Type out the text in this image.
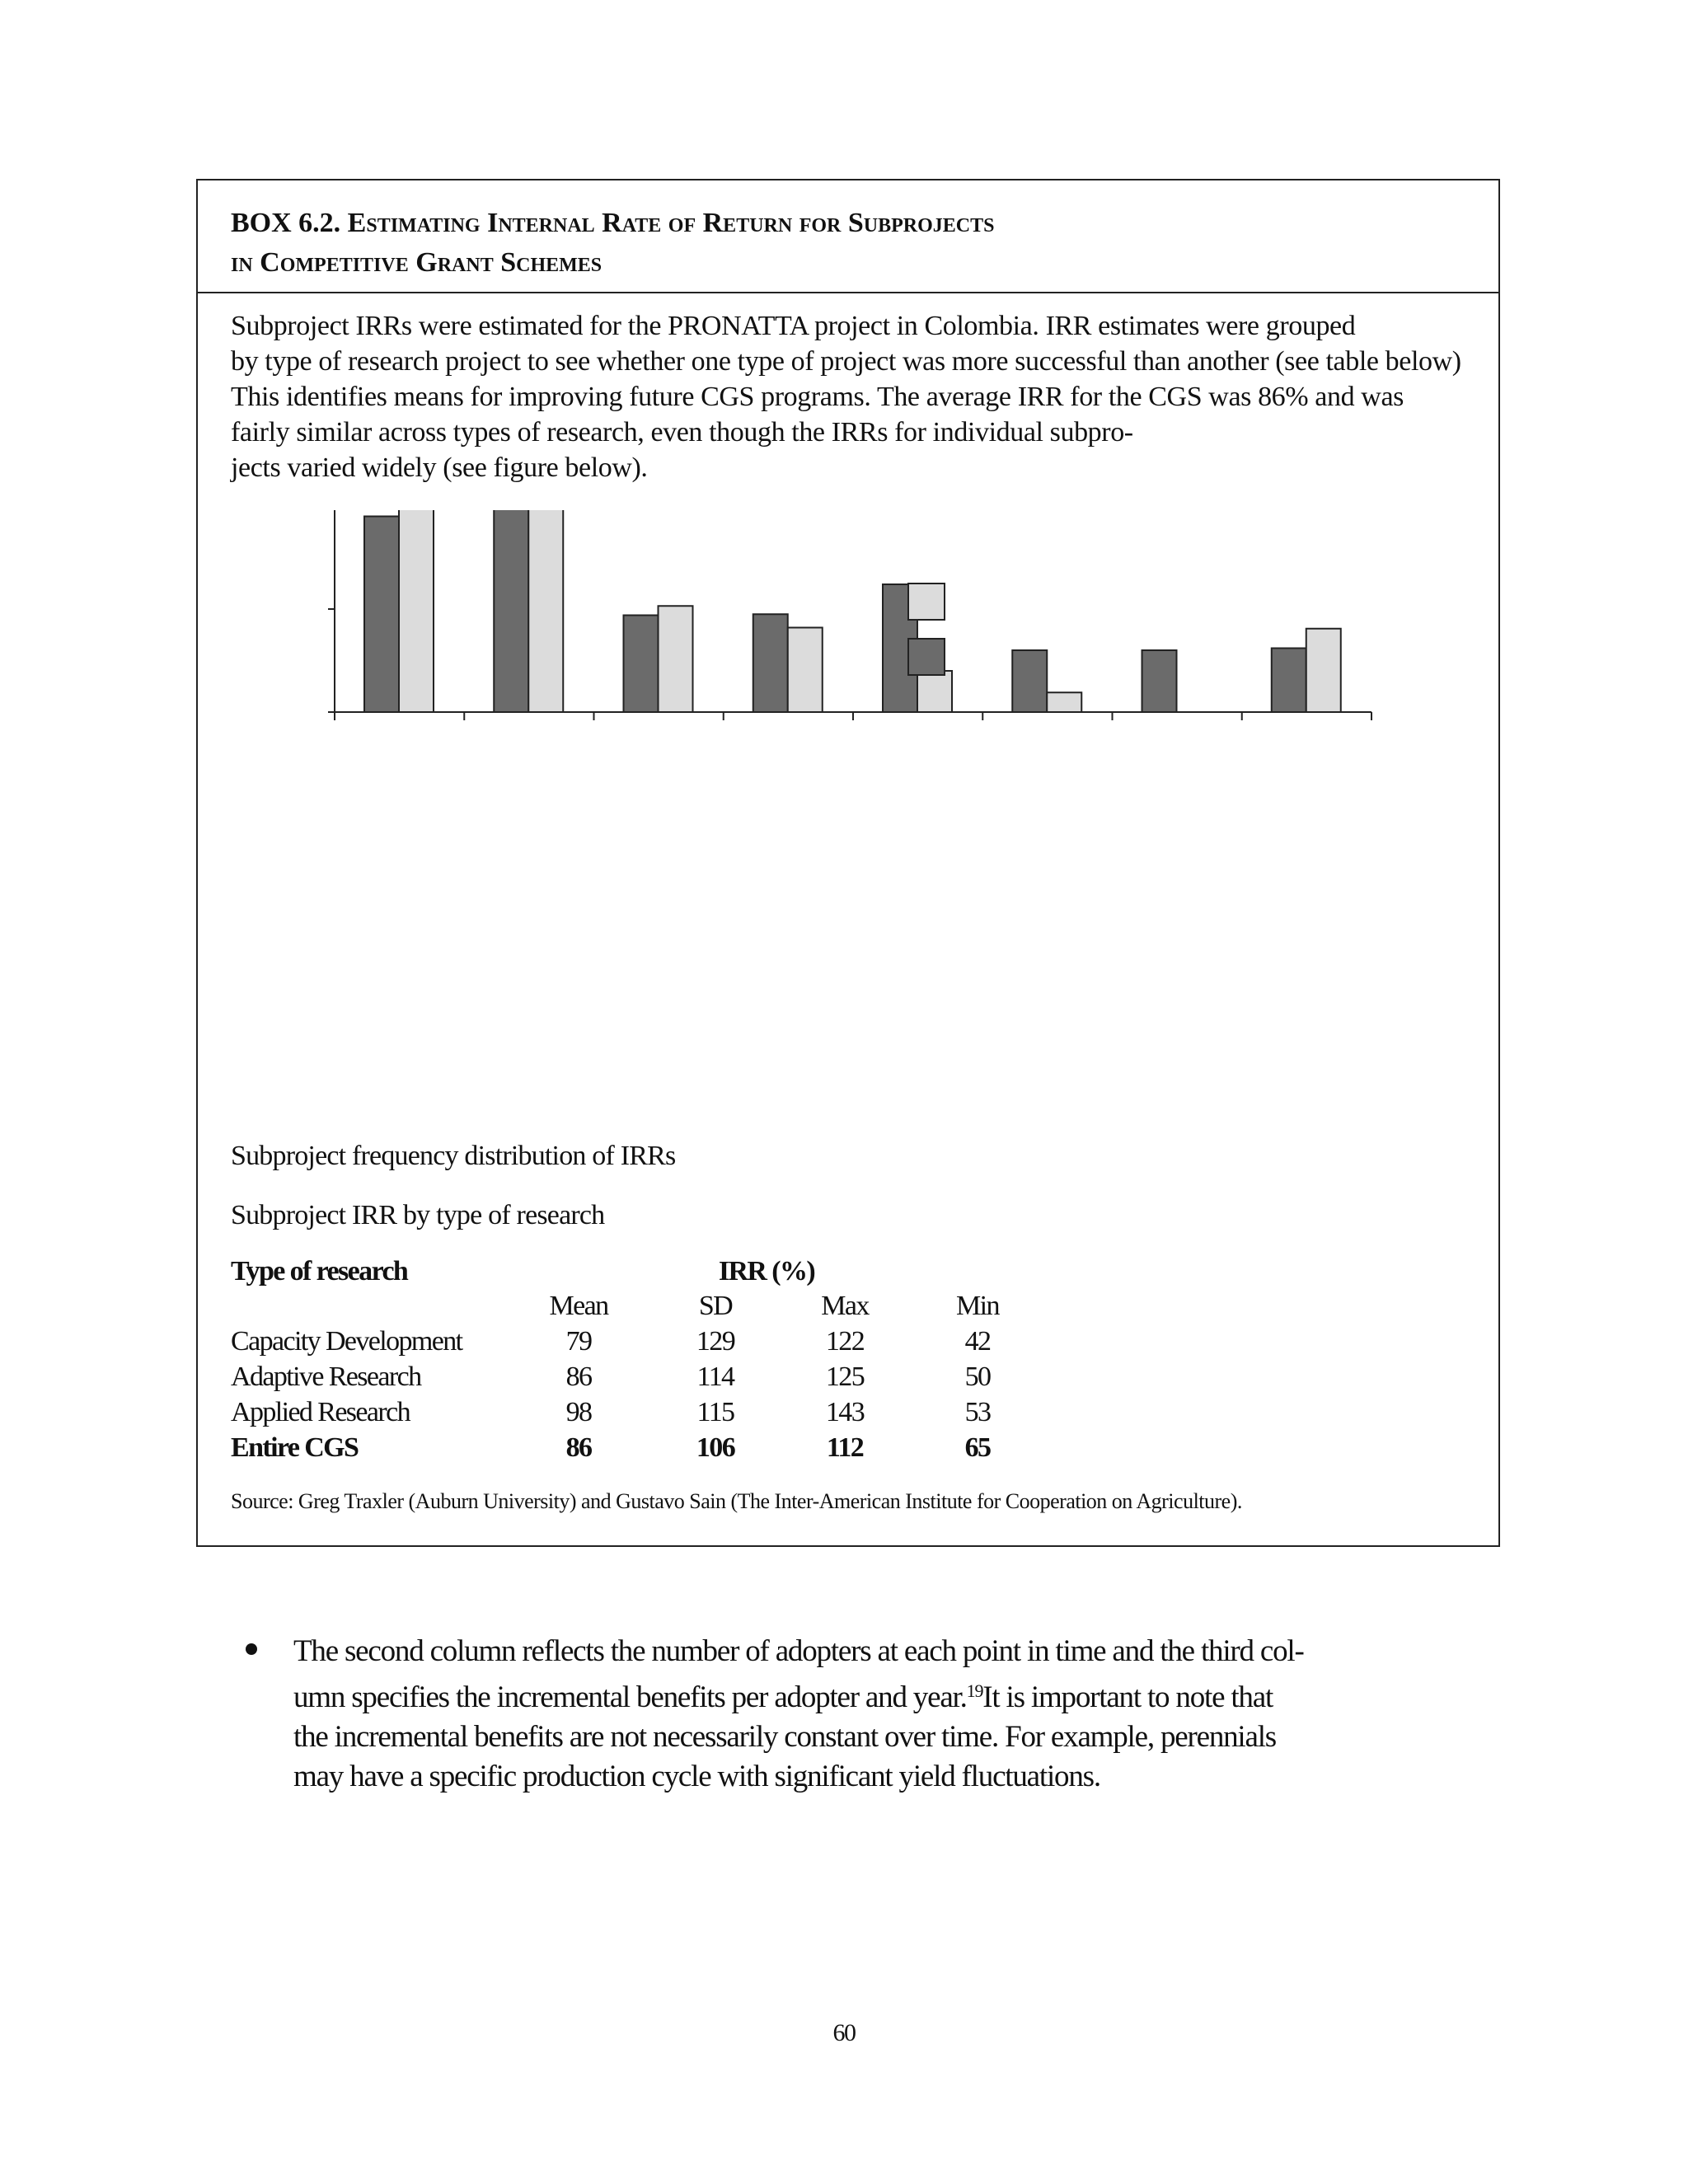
BOX 6.2. Estimating Internal Rate of Return for Subprojects
in Competitive Grant Schemes
Subproject IRRs were estimated for the PRONATTA project in Colombia. IRR estimates were grouped
by type of research project to see whether one type of project was more successful than another (see table below)
This identifies means for improving future CGS programs. The average IRR for the CGS was 86% and was
fairly similar across types of research, even though the IRRs for individual subpro-
jects varied widely (see figure below).
Subproject frequency distribution of IRRs
Subproject IRR by type of research
Type of research	IRR (%)
Mean	SD	Max	Min
Capacity Development	79	129	122	42
Adaptive Research	86	114	125	50
Applied Research	98	115	143	53
Entire CGS	86	106	112	65
Source: Greg Traxler (Auburn University) and Gustavo Sain (The Inter-American Institute for Cooperation on Agriculture).
The second column reflects the number of adopters at each point in time and the third col-
umn specifies the incremental benefits per adopter and year.$^{19}$It is important to note that
the incremental benefits are not necessarily constant over time. For example, perennials
may have a specific production cycle with significant yield fluctuations.
60
